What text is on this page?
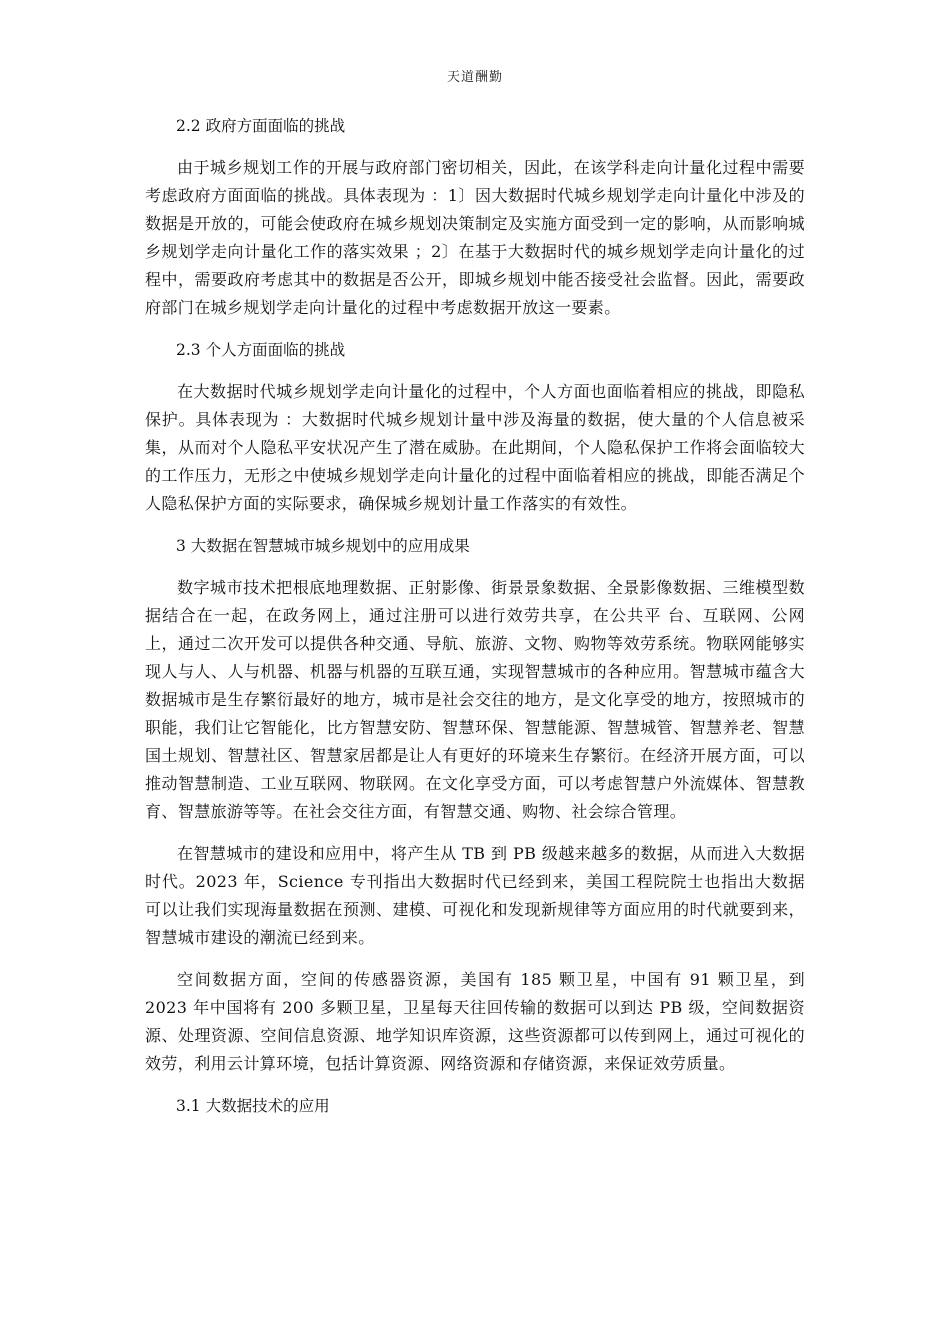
天道酬勤
2.2 政府方面面临的挑战

由于城乡规划工作的开展与政府部门密切相关，因此，在该学科走向计量化过程中需要考虑政府方面面临的挑战。具体表现为 ：1〕因大数据时代城乡规划学走向计量化中涉及的数据是开放的，可能会使政府在城乡规划决策制定及实施方面受到一定的影响，从而影响城乡规划学走向计量化工作的落实效果 ；2〕在基于大数据时代的城乡规划学走向计量化的过程中，需要政府考虑其中的数据是否公开，即城乡规划中能否接受社会监督。因此，需要政府部门在城乡规划学走向计量化的过程中考虑数据开放这一要素。

2.3 个人方面面临的挑战

在大数据时代城乡规划学走向计量化的过程中，个人方面也面临着相应的挑战，即隐私保护。具体表现为 ：大数据时代城乡规划计量中涉及海量的数据，使大量的个人信息被采集，从而对个人隐私平安状况产生了潜在威胁。在此期间，个人隐私保护工作将会面临较大的工作压力，无形之中使城乡规划学走向计量化的过程中面临着相应的挑战，即能否满足个人隐私保护方面的实际要求，确保城乡规划计量工作落实的有效性。

3 大数据在智慧城市城乡规划中的应用成果

数字城市技术把根底地理数据、正射影像、街景景象数据、全景影像数据、三维模型数据结合在一起，在政务网上，通过注册可以进行效劳共享，在公共平 台、互联网、公网上，通过二次开发可以提供各种交通、导航、旅游、文物、购物等效劳系统。物联网能够实现人与人、人与机器、机器与机器的互联互通，实现智慧城市的各种应用。智慧城市蕴含大数据城市是生存繁衍最好的地方，城市是社会交往的地方，是文化享受的地方，按照城市的职能，我们让它智能化，比方智慧安防、智慧环保、智慧能源、智慧城管、智慧养老、智慧国土规划、智慧社区、智慧家居都是让人有更好的环境来生存繁衍。在经济开展方面，可以推动智慧制造、工业互联网、物联网。在文化享受方面，可以考虑智慧户外流媒体、智慧教育、智慧旅游等等。在社会交往方面，有智慧交通、购物、社会综合管理。

在智慧城市的建设和应用中，将产生从 TB 到 PB 级越来越多的数据，从而进入大数据时代。2023 年，Science 专刊指出大数据时代已经到来，美国工程院院士也指出大数据可以让我们实现海量数据在预测、建模、可视化和发现新规律等方面应用的时代就要到来，智慧城市建设的潮流已经到来。

空间数据方面，空间的传感器资源，美国有 185 颗卫星，中国有 91 颗卫星，到 2023 年中国将有 200 多颗卫星，卫星每天往回传输的数据可以到达 PB 级，空间数据资源、处理资源、空间信息资源、地学知识库资源，这些资源都可以传到网上，通过可视化的效劳，利用云计算环境，包括计算资源、网络资源和存储资源，来保证效劳质量。

3.1 大数据技术的应用
